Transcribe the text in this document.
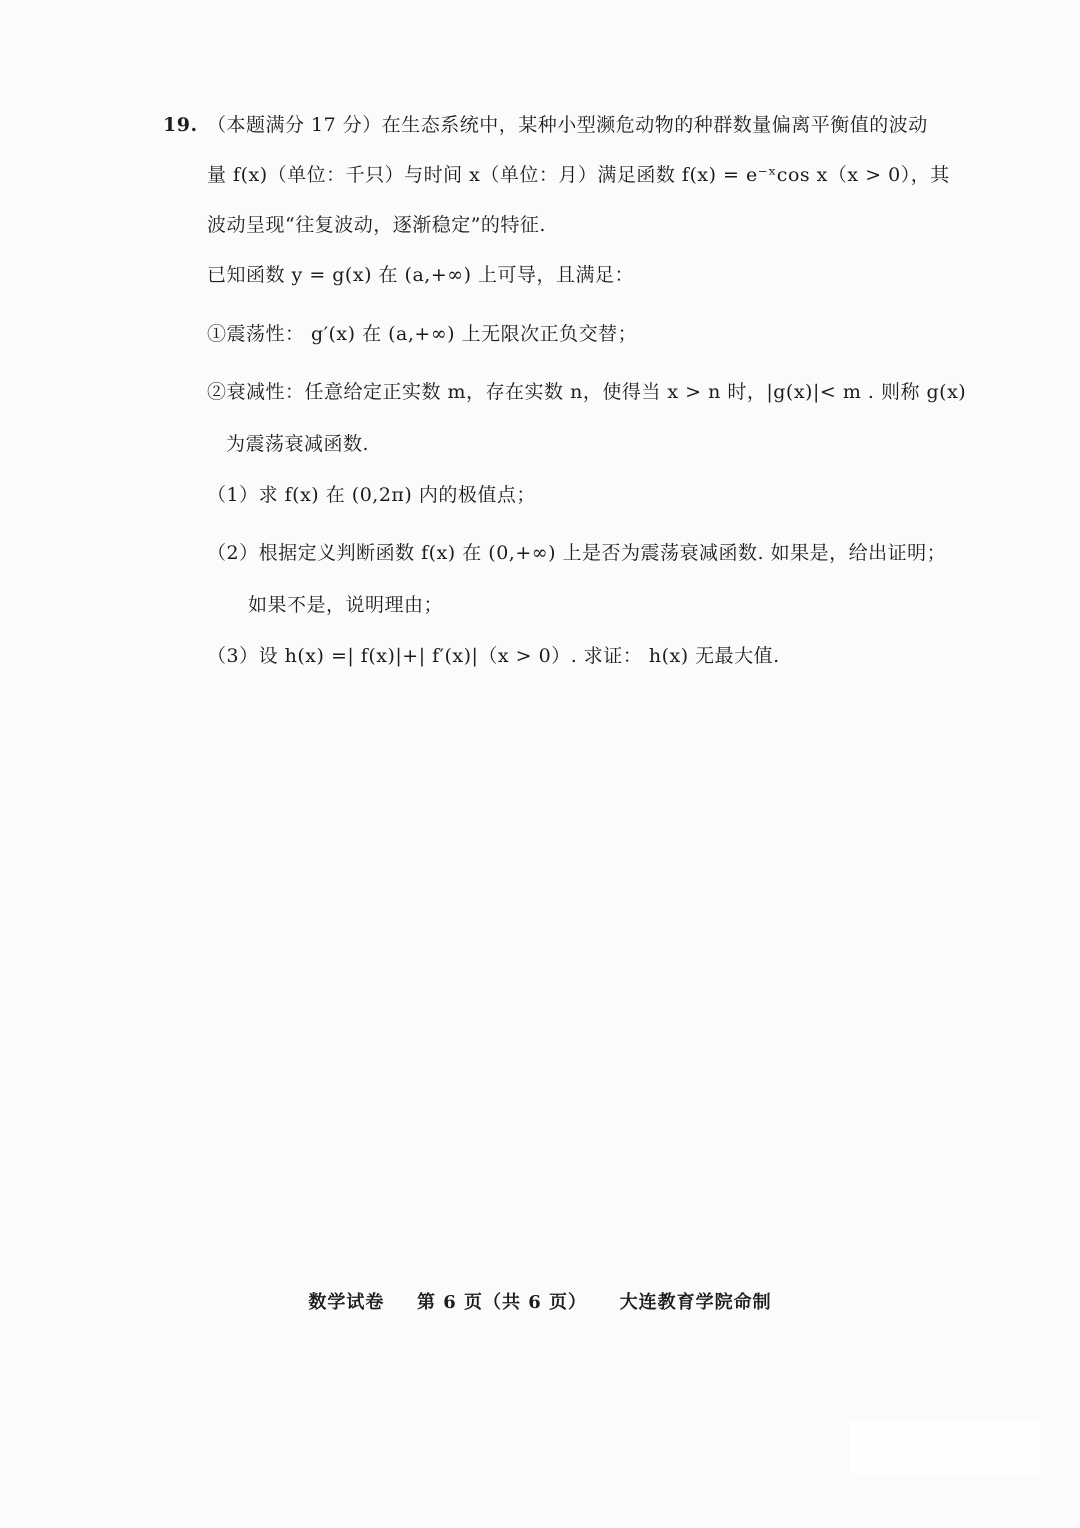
19. （本题满分 17 分）在生态系统中，某种小型濒危动物的种群数量偏离平衡值的波动
量 f(x)（单位：千只）与时间 x（单位：月）满足函数 f(x) = e⁻ˣcos x（x > 0），其
波动呈现“往复波动，逐渐稳定”的特征.
已知函数 y = g(x) 在 (a,+∞) 上可导，且满足：
①震荡性： g′(x) 在 (a,+∞) 上无限次正负交替；
②衰减性：任意给定正实数 m，存在实数 n，使得当 x > n 时，|g(x)|< m . 则称 g(x)
为震荡衰减函数.
（1）求 f(x) 在 (0,2π) 内的极值点；
（2）根据定义判断函数 f(x) 在 (0,+∞) 上是否为震荡衰减函数. 如果是，给出证明；
如果不是，说明理由；
（3）设 h(x) =| f(x)|+| f′(x)|（x > 0）. 求证： h(x) 无最大值.
数学试卷 第 6 页（共 6 页） 大连教育学院命制
